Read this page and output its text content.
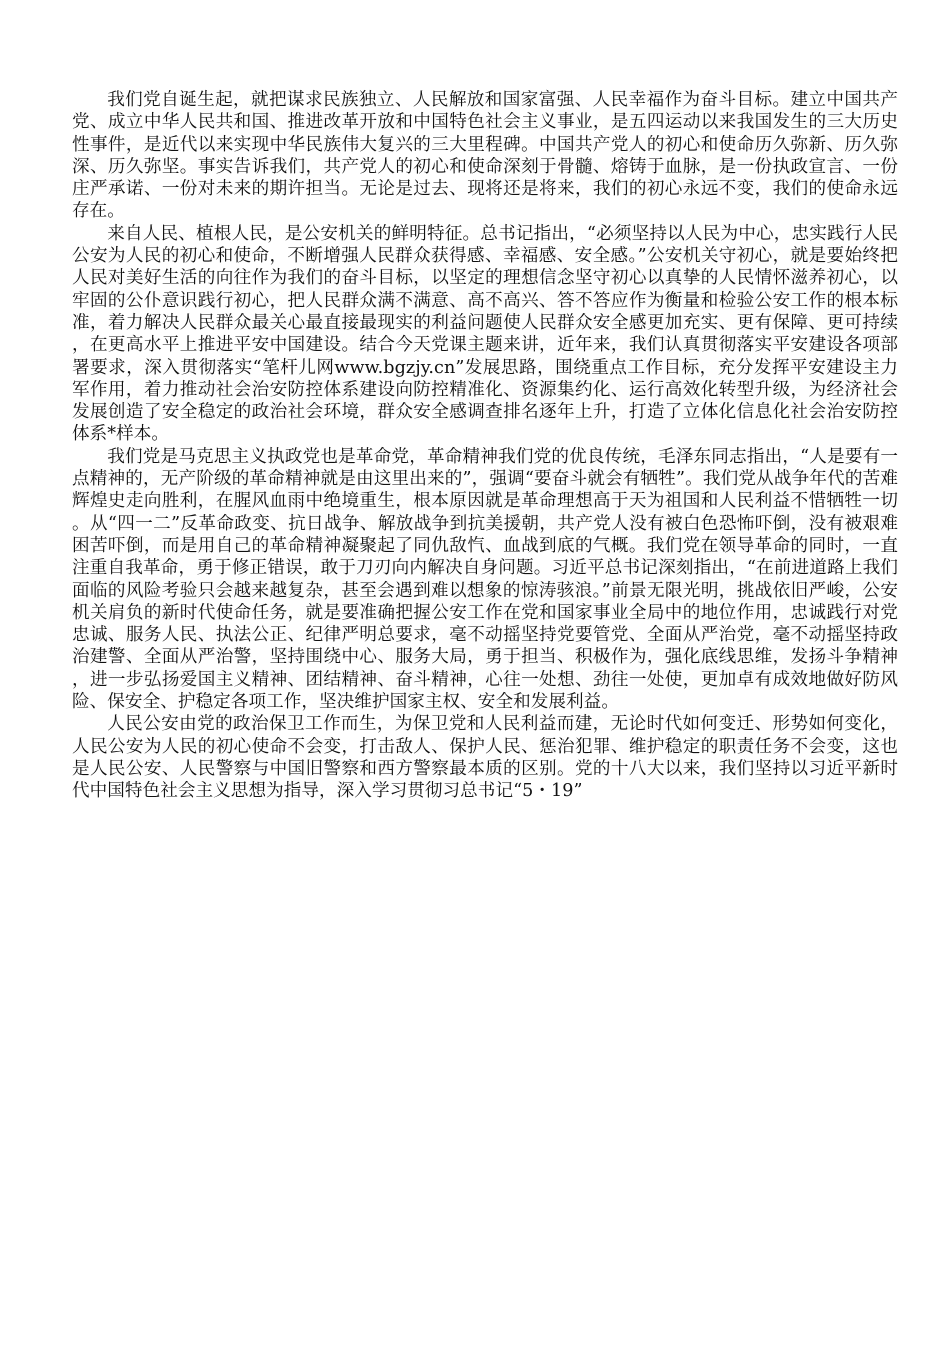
我们党自诞生起，就把谋求民族独立、人民解放和国家富强、人民幸福作为奋斗目标。建立中国共产党、成立中华人民共和国、推进改革开放和中国特色社会主义事业，是五四运动以来我国发生的三大历史性事件，是近代以来实现中华民族伟大复兴的三大里程碑。中国共产党人的初心和使命历久弥新、历久弥深、历久弥坚。事实告诉我们，共产党人的初心和使命深刻于骨髓、熔铸于血脉，是一份执政宣言、一份庄严承诺、一份对未来的期许担当。无论是过去、现将还是将来，我们的初心永远不变，我们的使命永远存在。

来自人民、植根人民，是公安机关的鲜明特征。总书记指出，“必须坚持以人民为中心，忠实践行人民公安为人民的初心和使命，不断增强人民群众获得感、幸福感、安全感。”公安机关守初心，就是要始终把人民对美好生活的向往作为我们的奋斗目标，以坚定的理想信念坚守初心以真挚的人民情怀滋养初心，以牢固的公仆意识践行初心，把人民群众满不满意、高不高兴、答不答应作为衡量和检验公安工作的根本标准，着力解决人民群众最关心最直接最现实的利益问题使人民群众安全感更加充实、更有保障、更可持续，在更高水平上推进平安中国建设。结合今天党课主题来讲，近年来，我们认真贯彻落实平安建设各项部署要求，深入贯彻落实“笔杆儿网www.bgzjy.cn”发展思路，围绕重点工作目标，充分发挥平安建设主力军作用，着力推动社会治安防控体系建设向防控精准化、资源集约化、运行高效化转型升级，为经济社会发展创造了安全稳定的政治社会环境，群众安全感调查排名逐年上升，打造了立体化信息化社会治安防控体系*样本。

我们党是马克思主义执政党也是革命党，革命精神我们党的优良传统，毛泽东同志指出，“人是要有一点精神的，无产阶级的革命精神就是由这里出来的”，强调“要奋斗就会有牺牲”。我们党从战争年代的苦难辉煌史走向胜利，在腥风血雨中绝境重生，根本原因就是革命理想高于天为祖国和人民利益不惜牺牲一切。从“四一二”反革命政变、抗日战争、解放战争到抗美援朝，共产党人没有被白色恐怖吓倒，没有被艰难困苦吓倒，而是用自己的革命精神凝聚起了同仇敌忾、血战到底的气概。我们党在领导革命的同时，一直注重自我革命，勇于修正错误，敢于刀刃向内解决自身问题。习近平总书记深刻指出，“在前进道路上我们面临的风险考验只会越来越复杂，甚至会遇到难以想象的惊涛骇浪。”前景无限光明，挑战依旧严峻，公安机关肩负的新时代使命任务，就是要准确把握公安工作在党和国家事业全局中的地位作用，忠诚践行对党忠诚、服务人民、执法公正、纪律严明总要求，毫不动摇坚持党要管党、全面从严治党，毫不动摇坚持政治建警、全面从严治警，坚持围绕中心、服务大局，勇于担当、积极作为，强化底线思维，发扬斗争精神，进一步弘扬爱国主义精神、团结精神、奋斗精神，心往一处想、劲往一处使，更加卓有成效地做好防风险、保安全、护稳定各项工作，坚决维护国家主权、安全和发展利益。

人民公安由党的政治保卫工作而生，为保卫党和人民利益而建，无论时代如何变迁、形势如何变化，人民公安为人民的初心使命不会变，打击敌人、保护人民、惩治犯罪、维护稳定的职责任务不会变，这也是人民公安、人民警察与中国旧警察和西方警察最本质的区别。党的十八大以来，我们坚持以习近平新时代中国特色社会主义思想为指导，深入学习贯彻习总书记“5・19”
